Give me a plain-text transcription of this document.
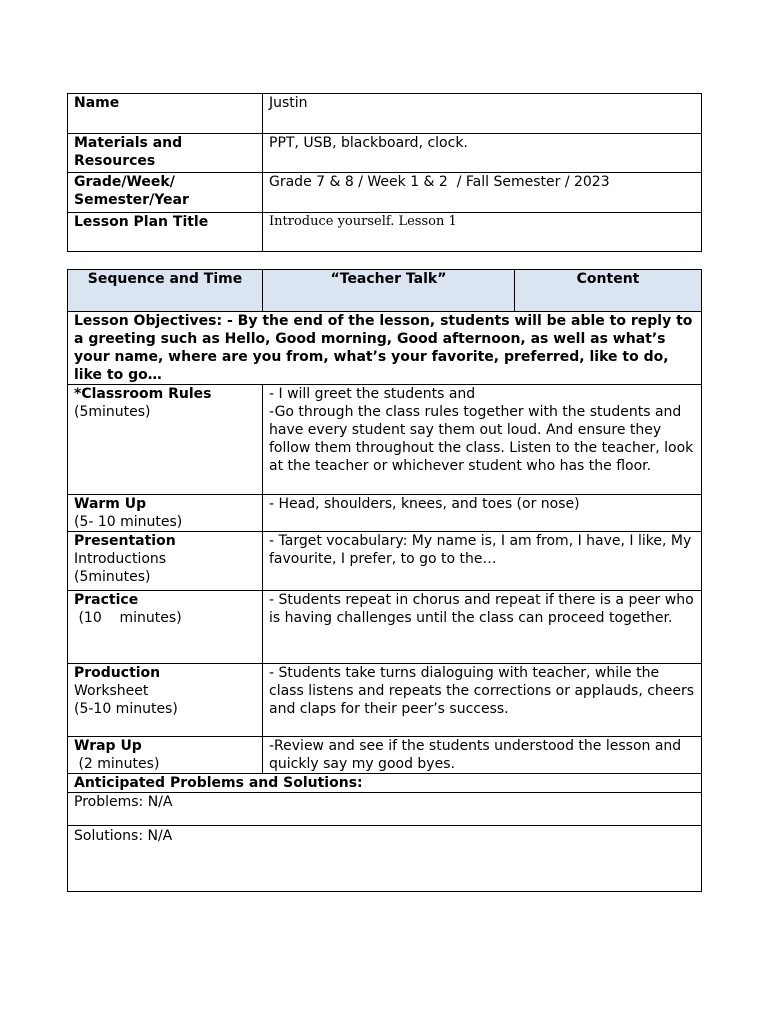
Name	Justin

Materials and Resources	PPT, USB, blackboard, clock.

Grade/Week/ Semester/Year	Grade 7 & 8 / Week 1 & 2  / Fall Semester / 2023

Lesson Plan Title	Introduce yourself. Lesson 1
Sequence and Time	“Teacher Talk”	Content

Lesson Objectives: - By the end of the lesson, students will be able to reply to a greeting such as Hello, Good morning, Good afternoon, as well as what’s your name, where are you from, what’s your favorite, preferred, like to do, like to go…		

*Classroom Rules
(5minutes)	- I will greet the students and
-Go through the class rules together with the students and have every student say them out loud. And ensure they follow them throughout the class. Listen to the teacher, look at the teacher or whichever student who has the floor.	

Warm Up
(5- 10 minutes)	- Head, shoulders, knees, and toes (or nose)	

Presentation
Introductions
(5minutes)	- Target vocabulary: My name is, I am from, I have, I like, My favourite, I prefer, to go to the…	

Practice
(10    minutes)	- Students repeat in chorus and repeat if there is a peer who is having challenges until the class can proceed together.	

Production
Worksheet
(5-10 minutes)	- Students take turns dialoguing with teacher, while the class listens and repeats the corrections or applauds, cheers and claps for their peer’s success.	

Wrap Up
(2 minutes)	-Review and see if the students understood the lesson and quickly say my good byes.	

Anticipated Problems and Solutions:		

Problems: N/A		

Solutions: N/A		
